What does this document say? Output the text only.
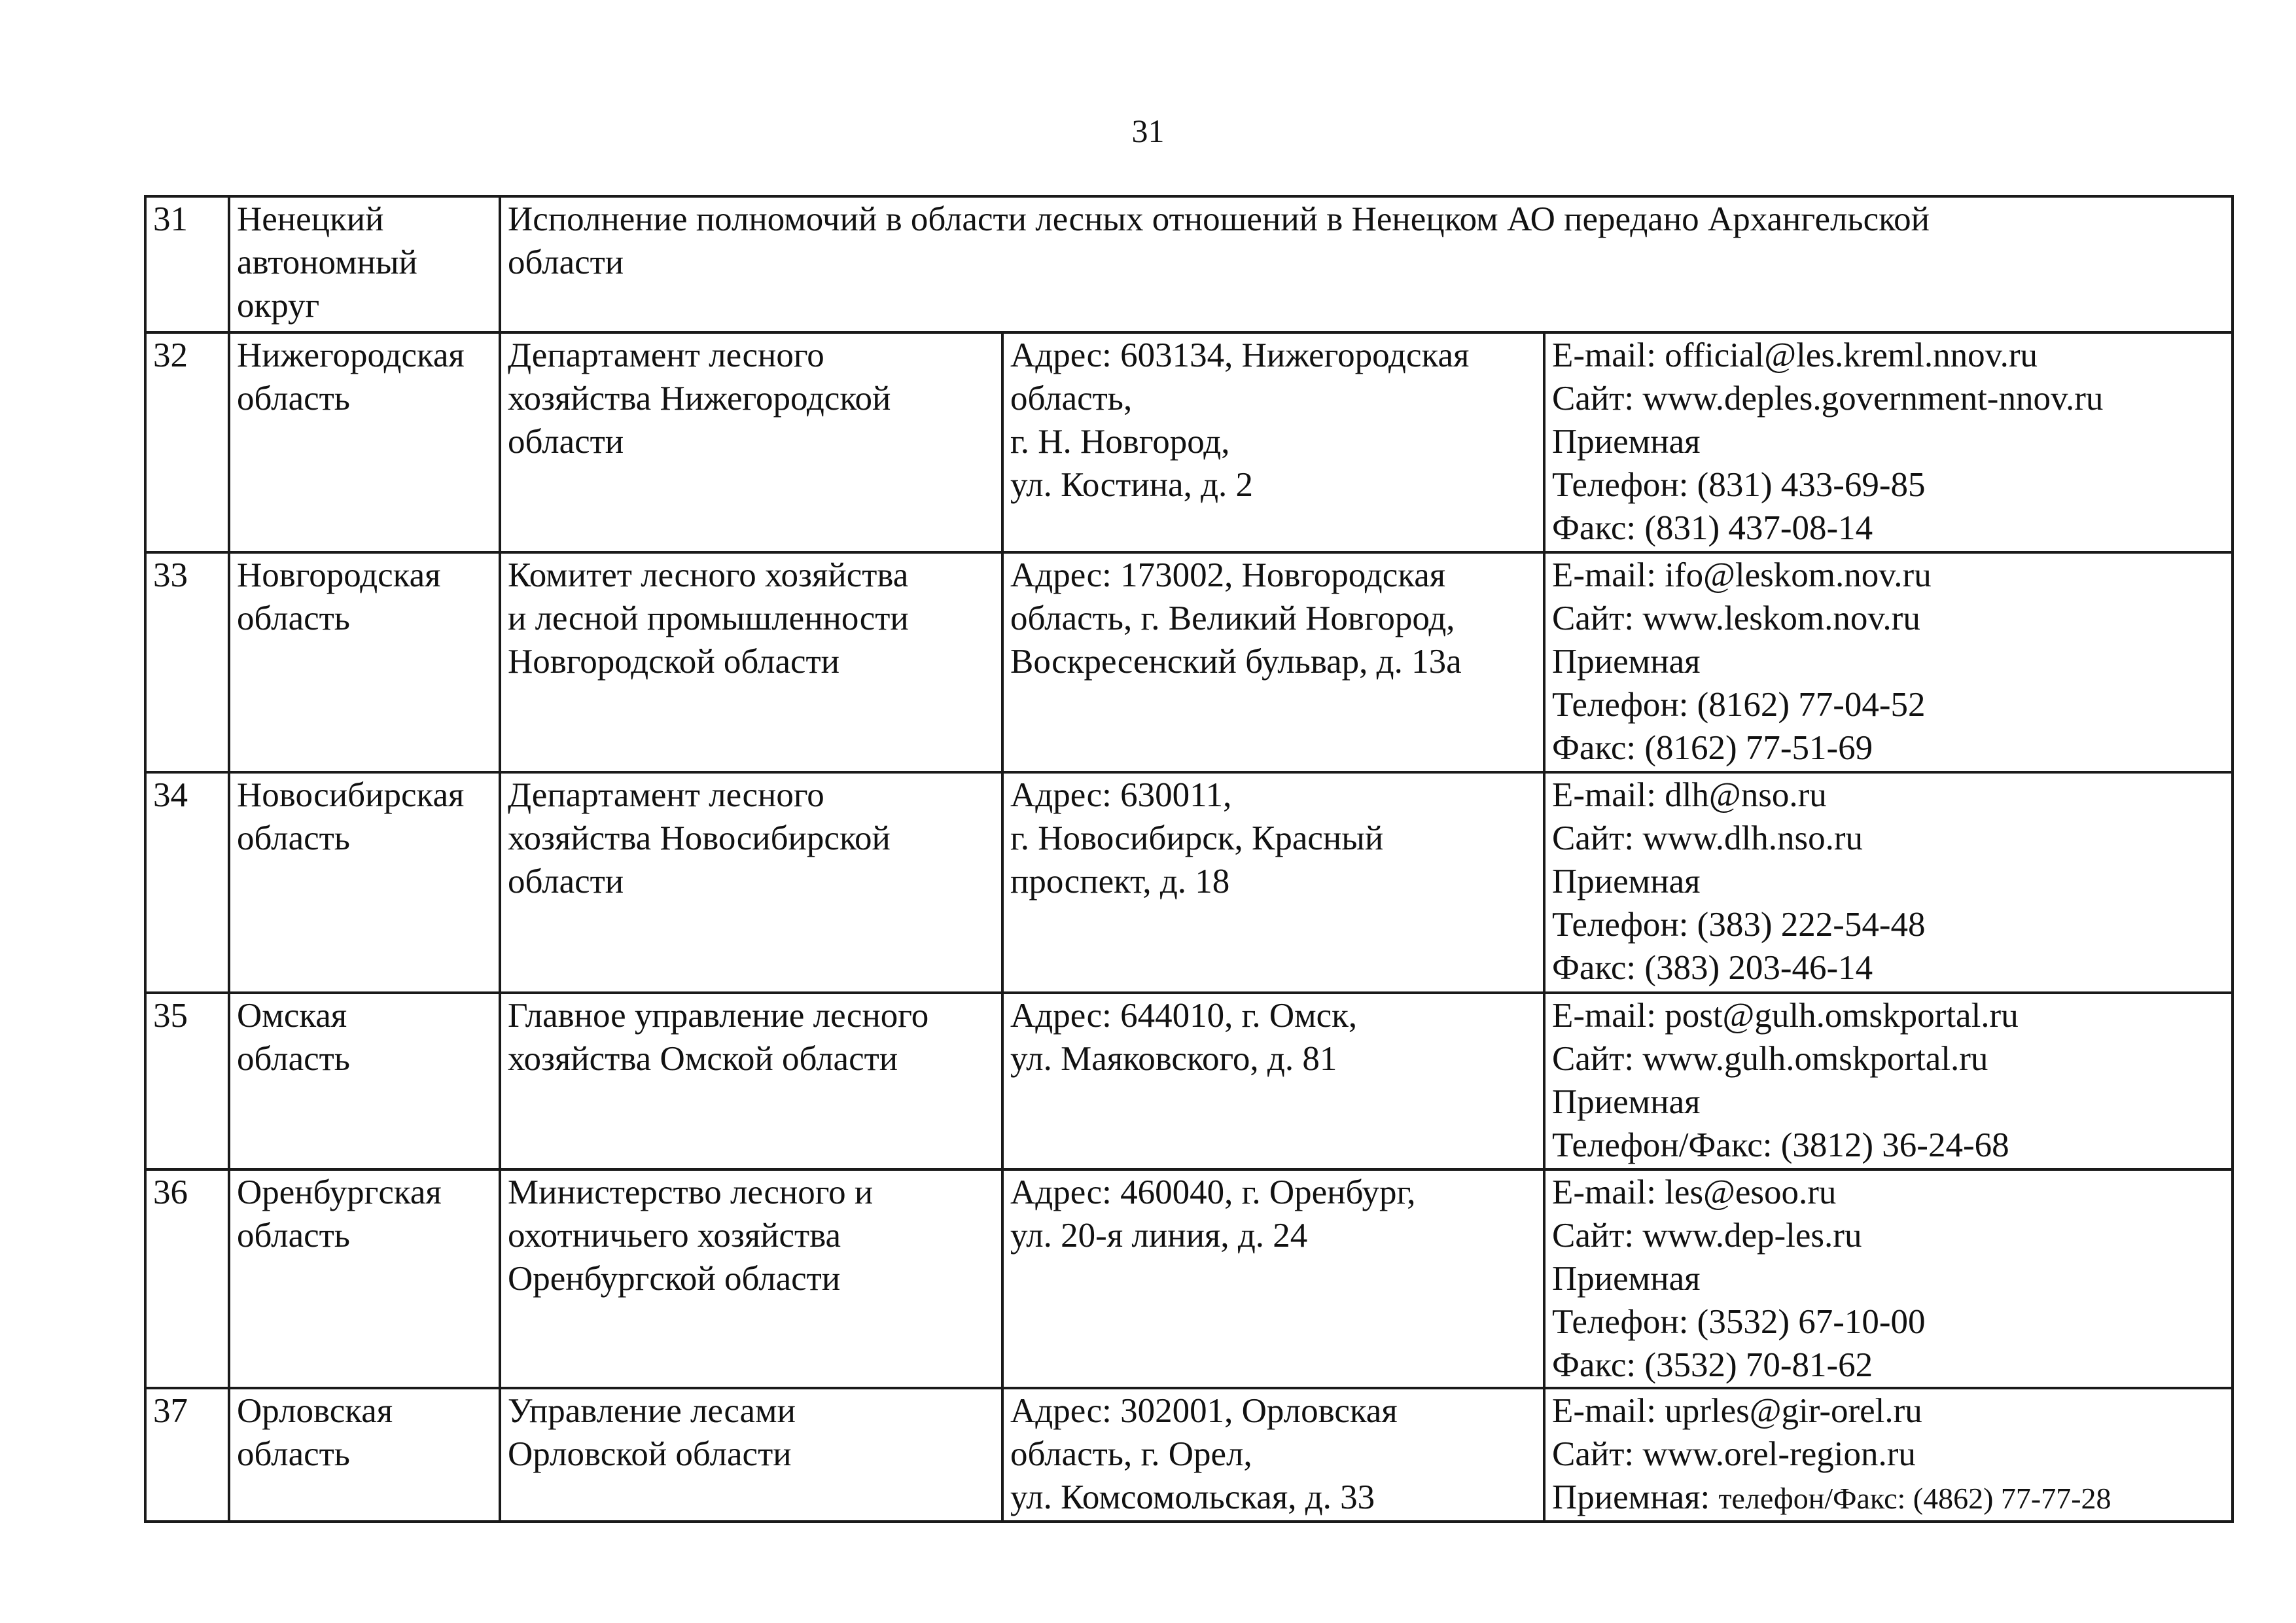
31
31	Ненецкий
автономный
округ	Исполнение полномочий в области лесных отношений в Ненецком АО передано Архангельской
области		

32	Нижегородская
область	Департамент лесного
хозяйства Нижегородской
области	Адрес: 603134, Нижегородская
область,
г. Н. Новгород,
ул. Костина, д. 2	E-mail: official@les.kreml.nnov.ru
Сайт: www.deples.government-nnov.ru
Приемная
Телефон: (831) 433-69-85
Факс: (831) 437-08-14

33	Новгородская
область	Комитет лесного хозяйства
и лесной промышленности
Новгородской области	Адрес: 173002, Новгородская
область, г. Великий Новгород,
Воскресенский бульвар, д. 13а	E-mail: ifo@leskom.nov.ru
Сайт: www.leskom.nov.ru
Приемная
Телефон: (8162) 77-04-52
Факс: (8162) 77-51-69

34	Новосибирская
область	Департамент лесного
хозяйства Новосибирской
области	Адрес: 630011,
г. Новосибирск, Красный
проспект, д. 18	E-mail: dlh@nso.ru
Сайт: www.dlh.nso.ru
Приемная
Телефон: (383) 222-54-48
Факс: (383) 203-46-14

35	Омская
область	Главное управление лесного
хозяйства Омской области	Адрес: 644010, г. Омск,
ул. Маяковского, д. 81	E-mail: post@gulh.omskportal.ru
Сайт: www.gulh.omskportal.ru
Приемная
Телефон/Факс: (3812) 36-24-68

36	Оренбургская
область	Министерство лесного и
охотничьего хозяйства
Оренбургской области	Адрес: 460040, г. Оренбург,
ул. 20-я линия, д. 24	E-mail: les@esoo.ru
Сайт: www.dep-les.ru
Приемная
Телефон: (3532) 67-10-00
Факс: (3532) 70-81-62

37	Орловская
область	Управление лесами
Орловской области	Адрес: 302001, Орловская
область, г. Орел,
ул. Комсомольская, д. 33	E-mail: uprles@gir-orel.ru
Сайт: www.orel-region.ru
Приемная: телефон/Факс: (4862) 77-77-28
